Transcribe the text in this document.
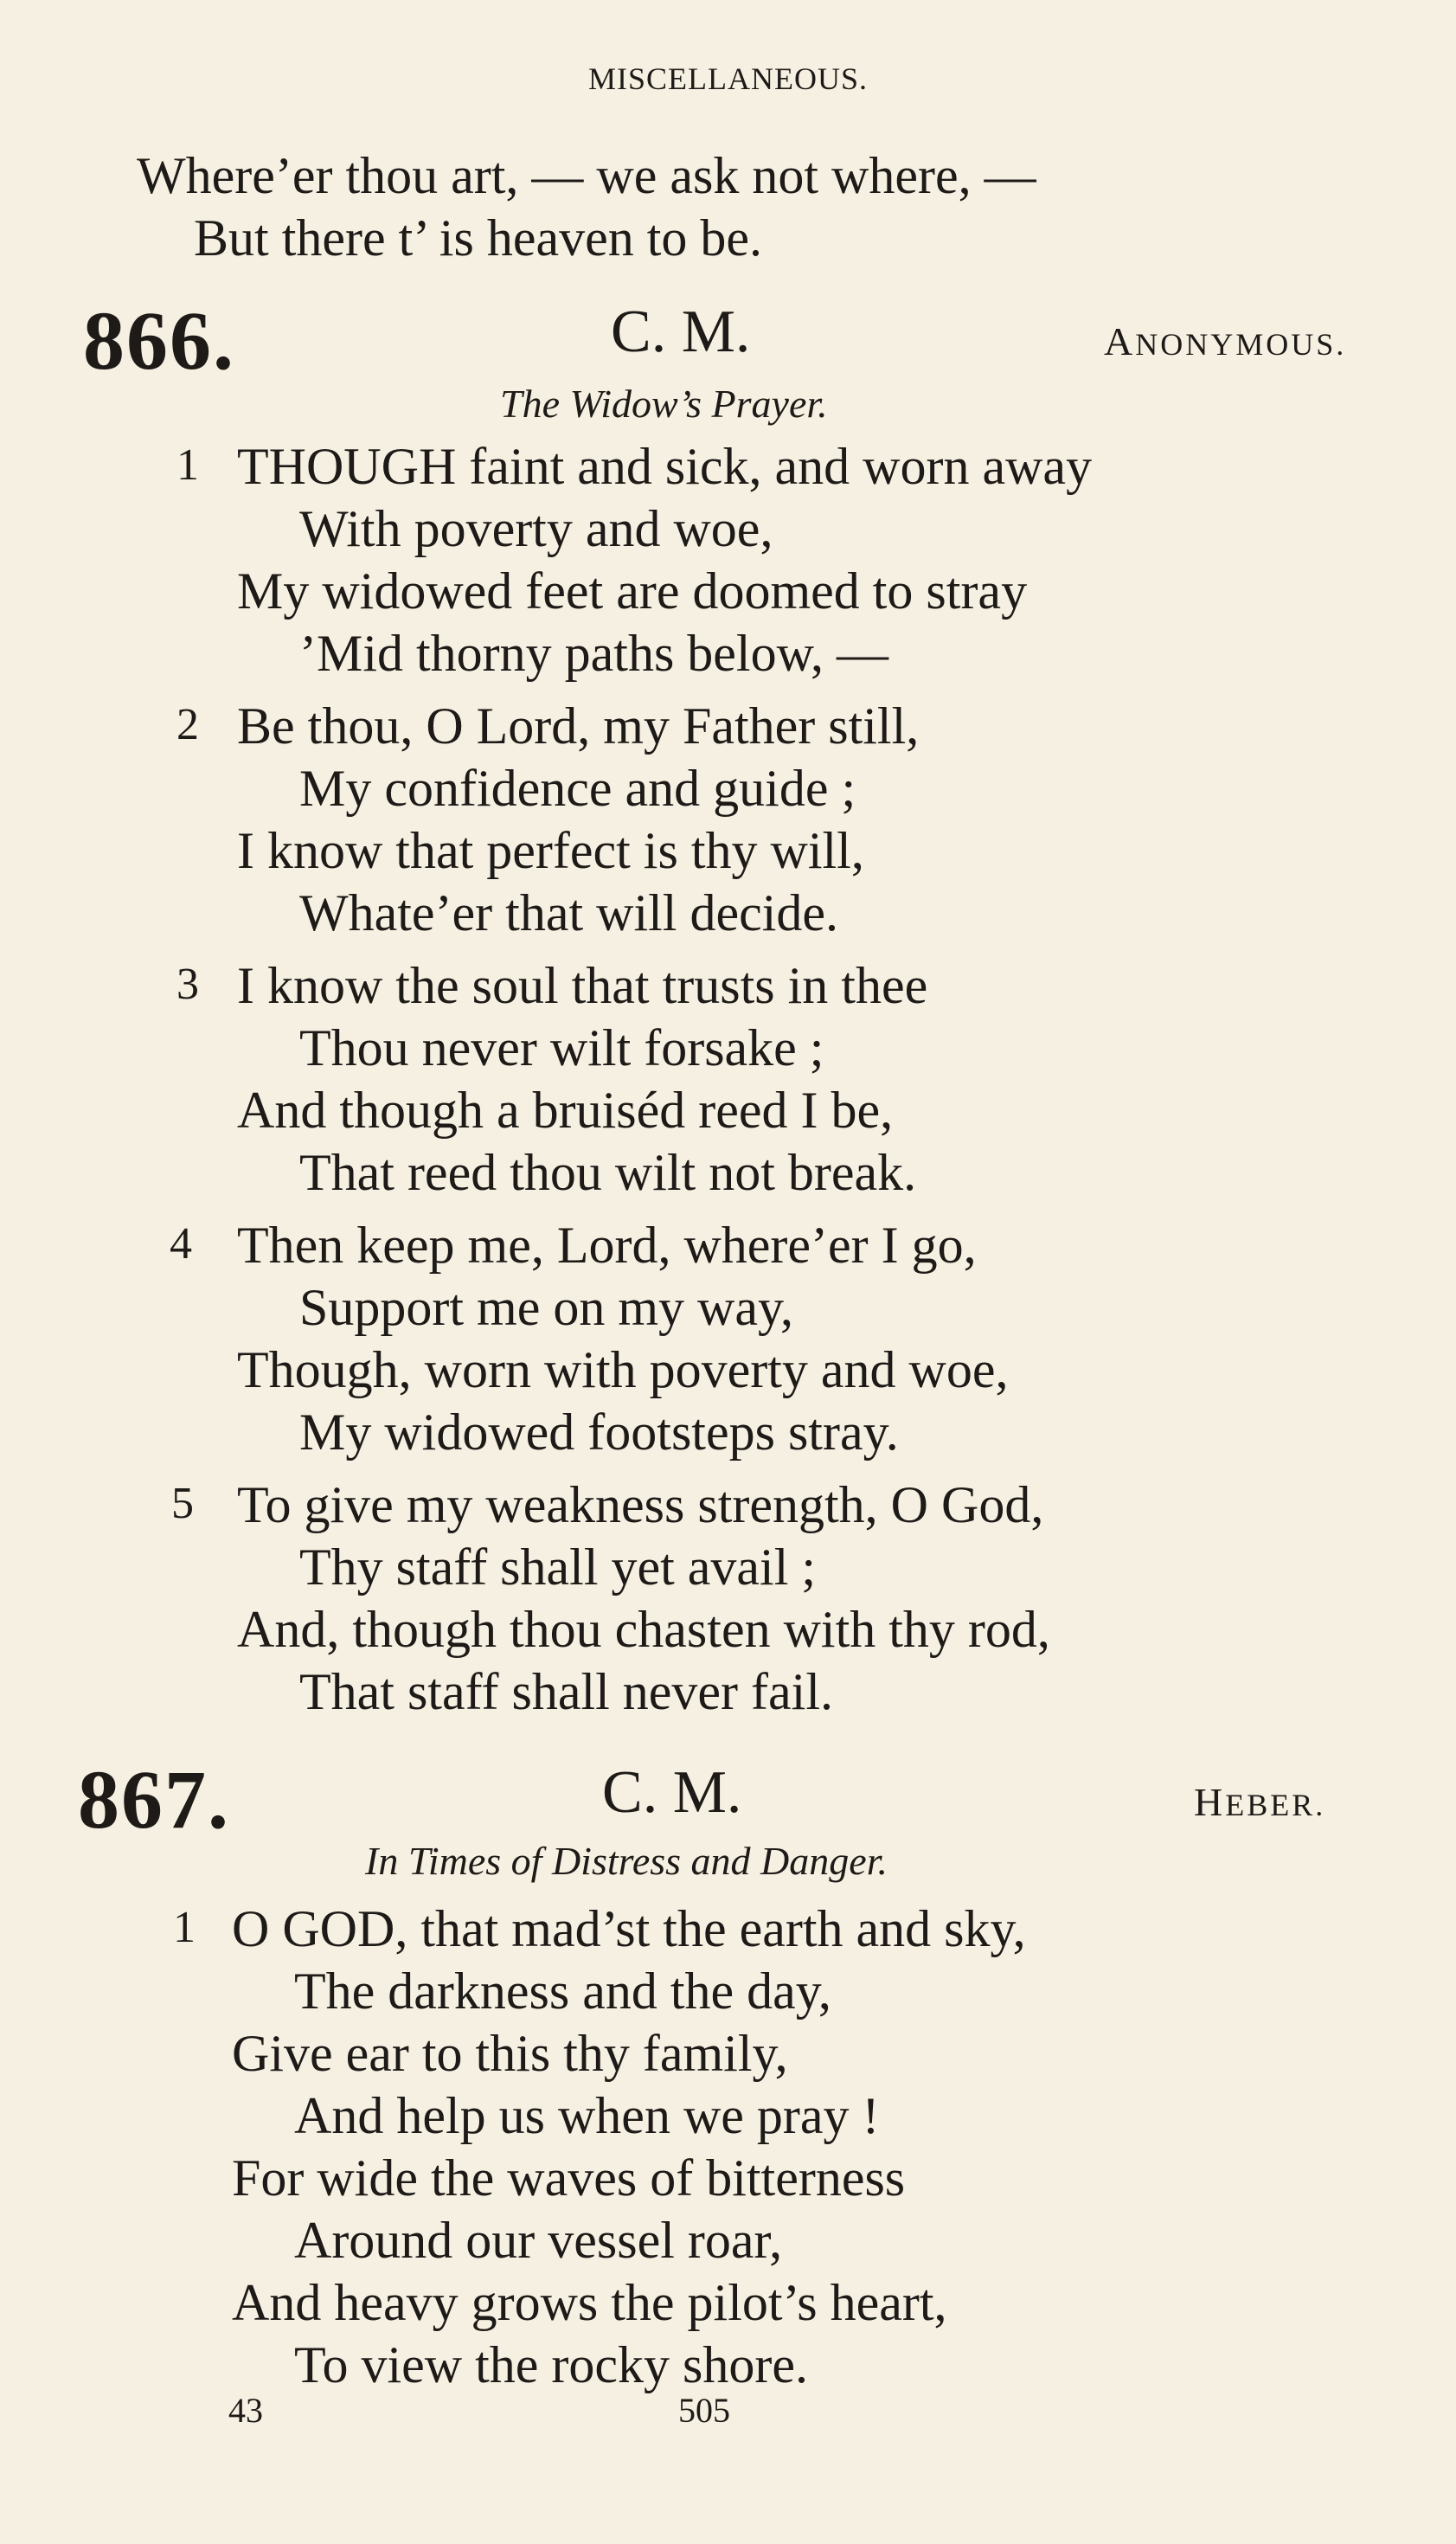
MISCELLANEOUS.
Where’er thou art, — we ask not where, —
But there t’ is heaven to be.
866.	C. M.	ANONYMOUS.
The Widow’s Prayer.
1 THOUGH faint and sick, and worn away
With poverty and woe,
My widowed feet are doomed to stray
’Mid thorny paths below, —
2 Be thou, O Lord, my Father still,
My confidence and guide ;
I know that perfect is thy will,
Whate’er that will decide.
3 I know the soul that trusts in thee
Thou never wilt forsake ;
And though a bruiséd reed I be,
That reed thou wilt not break.
4 Then keep me, Lord, where’er I go,
Support me on my way,
Though, worn with poverty and woe,
My widowed footsteps stray.
5 To give my weakness strength, O God,
Thy staff shall yet avail ;
And, though thou chasten with thy rod,
That staff shall never fail.
867.	C. M.	HEBER.
In Times of Distress and Danger.
1 O GOD, that mad’st the earth and sky,
The darkness and the day,
Give ear to this thy family,
And help us when we pray !
For wide the waves of bitterness
Around our vessel roar,
And heavy grows the pilot’s heart,
To view the rocky shore.
43	505
